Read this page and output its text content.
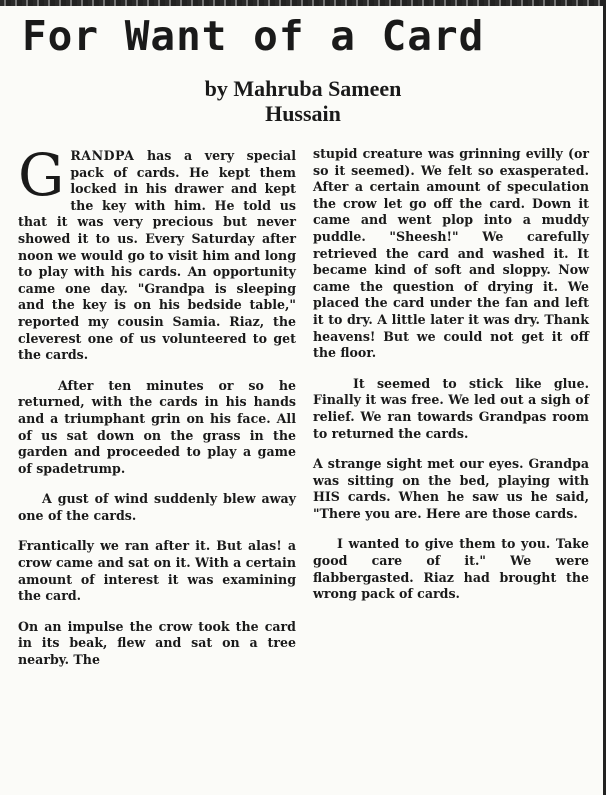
For Want of a Card
by Mahruba Sameen
Hussain

GRANDPA has a very special pack of cards. He kept them locked in his drawer and kept the key with him. He told us that it was very precious but never showed it to us. Every Saturday after noon we would go to visit him and long to play with his cards. An opportunity came one day. "Grandpa is sleeping and the key is on his bedside table," reported my cousin Samia. Riaz, the cleverest one of us volunteered to get the cards.

After ten minutes or so he returned, with the cards in his hands and a triumphant grin on his face. All of us sat down on the grass in the garden and proceeded to play a game of spadetrump.

A gust of wind suddenly blew away one of the cards.

Frantically we ran after it. But alas! a crow came and sat on it. With a certain amount of interest it was examining the card.

On an impulse the crow took the card in its beak, flew and sat on a tree nearby. The

stupid creature was grinning evilly (or so it seemed). We felt so exasperated. After a certain amount of speculation the crow let go off the card. Down it came and went plop into a muddy puddle. "Sheesh!" We carefully retrieved the card and washed it. It became kind of soft and sloppy. Now came the question of drying it. We placed the card under the fan and left it to dry. A little later it was dry. Thank heavens! But we could not get it off the floor.

It seemed to stick like glue. Finally it was free. We led out a sigh of relief. We ran towards Grandpas room to returned the cards.

A strange sight met our eyes. Grandpa was sitting on the bed, playing with HIS cards. When he saw us he said, "There you are. Here are those cards.

I wanted to give them to you. Take good care of it." We were flabbergasted. Riaz had brought the wrong pack of cards.
